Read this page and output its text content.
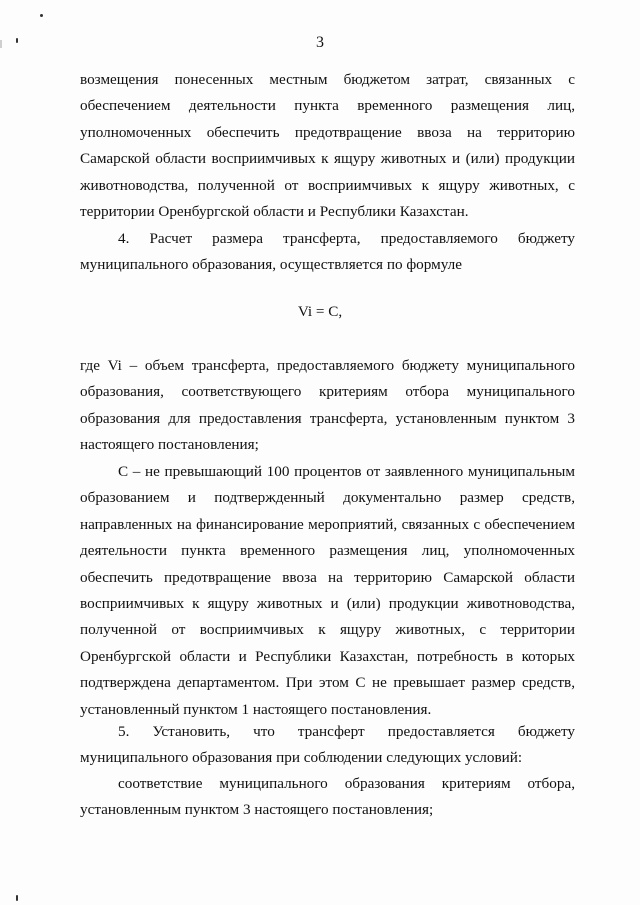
3

возмещения понесенных местным бюджетом затрат, связанных с обеспечением деятельности пункта временного размещения лиц, уполномоченных обеспечить предотвращение ввоза на территорию Самарской области восприимчивых к ящуру животных и (или) продукции животноводства, полученной от восприимчивых к ящуру животных, с территории Оренбургской области и Республики Казахстан.

4. Расчет размера трансферта, предоставляемого бюджету муниципального образования, осуществляется по формуле

Vi = C,

где Vi – объем трансферта, предоставляемого бюджету муниципального образования, соответствующего критериям отбора муниципального образования для предоставления трансферта, установленным пунктом 3 настоящего постановления;

C – не превышающий 100 процентов от заявленного муниципальным образованием и подтвержденный документально размер средств, направленных на финансирование мероприятий, связанных с обеспечением деятельности пункта временного размещения лиц, уполномоченных обеспечить предотвращение ввоза на территорию Самарской области восприимчивых к ящуру животных и (или) продукции животноводства, полученной от восприимчивых к ящуру животных, с территории Оренбургской области и Республики Казахстан, потребность в которых подтверждена департаментом. При этом C не превышает размер средств, установленный пунктом 1 настоящего постановления.

5. Установить, что трансферт предоставляется бюджету муниципального образования при соблюдении следующих условий:

соответствие муниципального образования критериям отбора, установленным пунктом 3 настоящего постановления;
